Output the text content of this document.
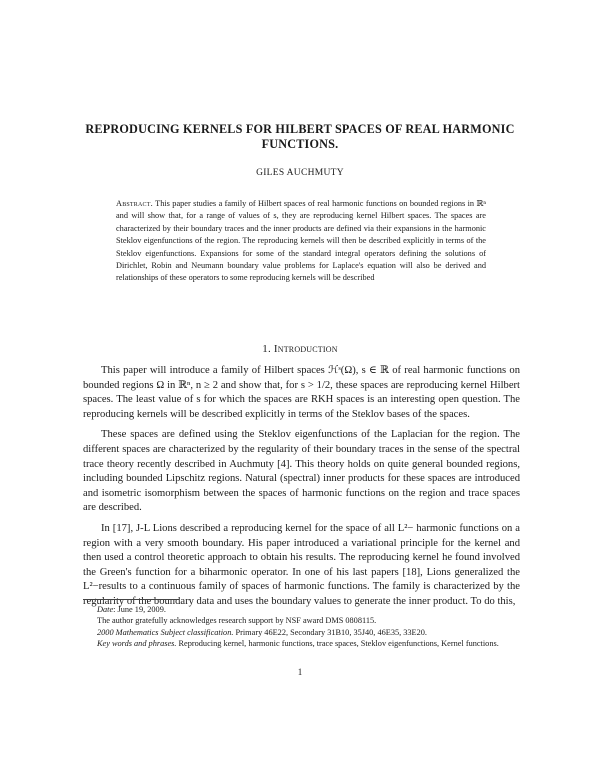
REPRODUCING KERNELS FOR HILBERT SPACES OF REAL HARMONIC FUNCTIONS.
GILES AUCHMUTY
Abstract. This paper studies a family of Hilbert spaces of real harmonic functions on bounded regions in ℝⁿ and will show that, for a range of values of s, they are reproducing kernel Hilbert spaces. The spaces are characterized by their boundary traces and the inner products are defined via their expansions in the harmonic Steklov eigenfunctions of the region. The reproducing kernels will then be described explicitly in terms of the Steklov eigenfunctions. Expansions for some of the standard integral operators defining the solutions of Dirichlet, Robin and Neumann boundary value problems for Laplace's equation will also be derived and relationships of these operators to some reproducing kernels will be described
1. Introduction

This paper will introduce a family of Hilbert spaces ℋˢ(Ω), s ∈ ℝ of real harmonic functions on bounded regions Ω in ℝⁿ, n ≥ 2 and show that, for s > 1/2, these spaces are reproducing kernel Hilbert spaces. The least value of s for which the spaces are RKH spaces is an interesting open question. The reproducing kernels will be described explicitly in terms of the Steklov bases of the spaces.

These spaces are defined using the Steklov eigenfunctions of the Laplacian for the region. The different spaces are characterized by the regularity of their boundary traces in the sense of the spectral trace theory recently described in Auchmuty [4]. This theory holds on quite general bounded regions, including bounded Lipschitz regions. Natural (spectral) inner products for these spaces are introduced and isometric isomorphism between the spaces of harmonic functions on the region and trace spaces are described.

In [17], J-L Lions described a reproducing kernel for the space of all L²− harmonic functions on a region with a very smooth boundary. His paper introduced a variational principle for the kernel and then used a control theoretic approach to obtain his results. The reproducing kernel he found involved the Green's function for a biharmonic operator. In one of his last papers [18], Lions generalized the L²−results to a continuous family of spaces of harmonic functions. The family is characterized by the regularity of the boundary data and uses the boundary values to generate the inner product. To do this,

Date: June 19, 2009.

The author gratefully acknowledges research support by NSF award DMS 0808115.

2000 Mathematics Subject classification. Primary 46E22, Secondary 31B10, 35J40, 46E35, 33E20.

Key words and phrases. Reproducing kernel, harmonic functions, trace spaces, Steklov eigenfunctions, Kernel functions.

1
